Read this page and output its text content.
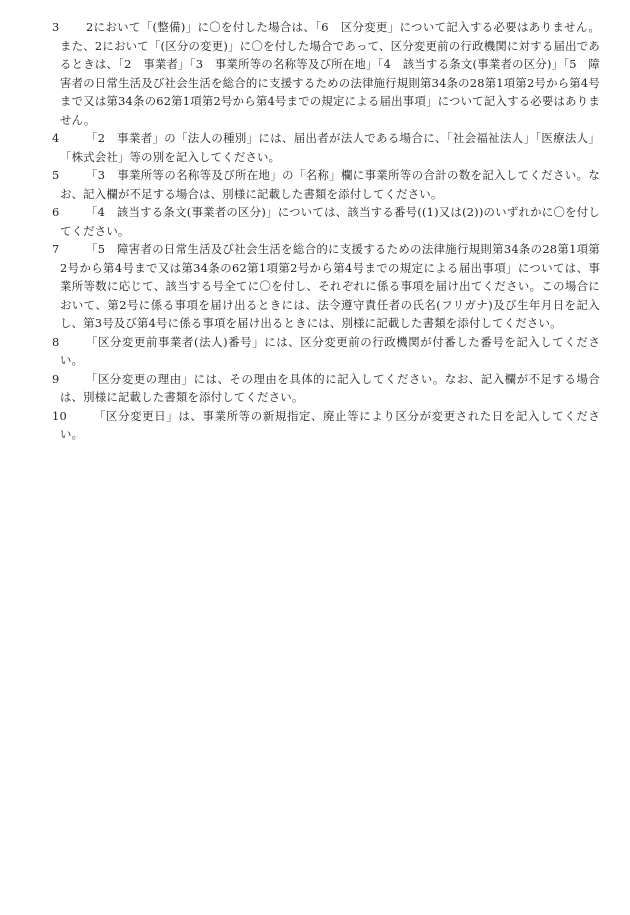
3	2において「(整備)」に〇を付した場合は、「6　区分変更」について記入する必要はありません。また、2において「(区分の変更)」に〇を付した場合であって、区分変更前の行政機関に対する届出であるときは、「2　事業者」「3　事業所等の名称等及び所在地」「4　該当する条文(事業者の区分)」「5　障害者の日常生活及び社会生活を総合的に支援するための法律施行規則第34条の28第1項第2号から第4号まで又は第34条の62第1項第2号から第4号までの規定による届出事項」について記入する必要はありません。

4	「2　事業者」の「法人の種別」には、届出者が法人である場合に、「社会福祉法人」「医療法人」「株式会社」等の別を記入してください。

5	「3　事業所等の名称等及び所在地」の「名称」欄に事業所等の合計の数を記入してください。なお、記入欄が不足する場合は、別様に記載した書類を添付してください。

6	「4　該当する条文(事業者の区分)」については、該当する番号((1)又は(2))のいずれかに〇を付してください。

7	「5　障害者の日常生活及び社会生活を総合的に支援するための法律施行規則第34条の28第1項第2号から第4号まで又は第34条の62第1項第2号から第4号までの規定による届出事項」については、事業所等数に応じて、該当する号全てに〇を付し、それぞれに係る事項を届け出てください。この場合において、第2号に係る事項を届け出るときには、法令遵守責任者の氏名(フリガナ)及び生年月日を記入し、第3号及び第4号に係る事項を届け出るときには、別様に記載した書類を添付してください。

8	「区分変更前事業者(法人)番号」には、区分変更前の行政機関が付番した番号を記入してください。

9	「区分変更の理由」には、その理由を具体的に記入してください。なお、記入欄が不足する場合は、別様に記載した書類を添付してください。

10	「区分変更日」は、事業所等の新規指定、廃止等により区分が変更された日を記入してください。
